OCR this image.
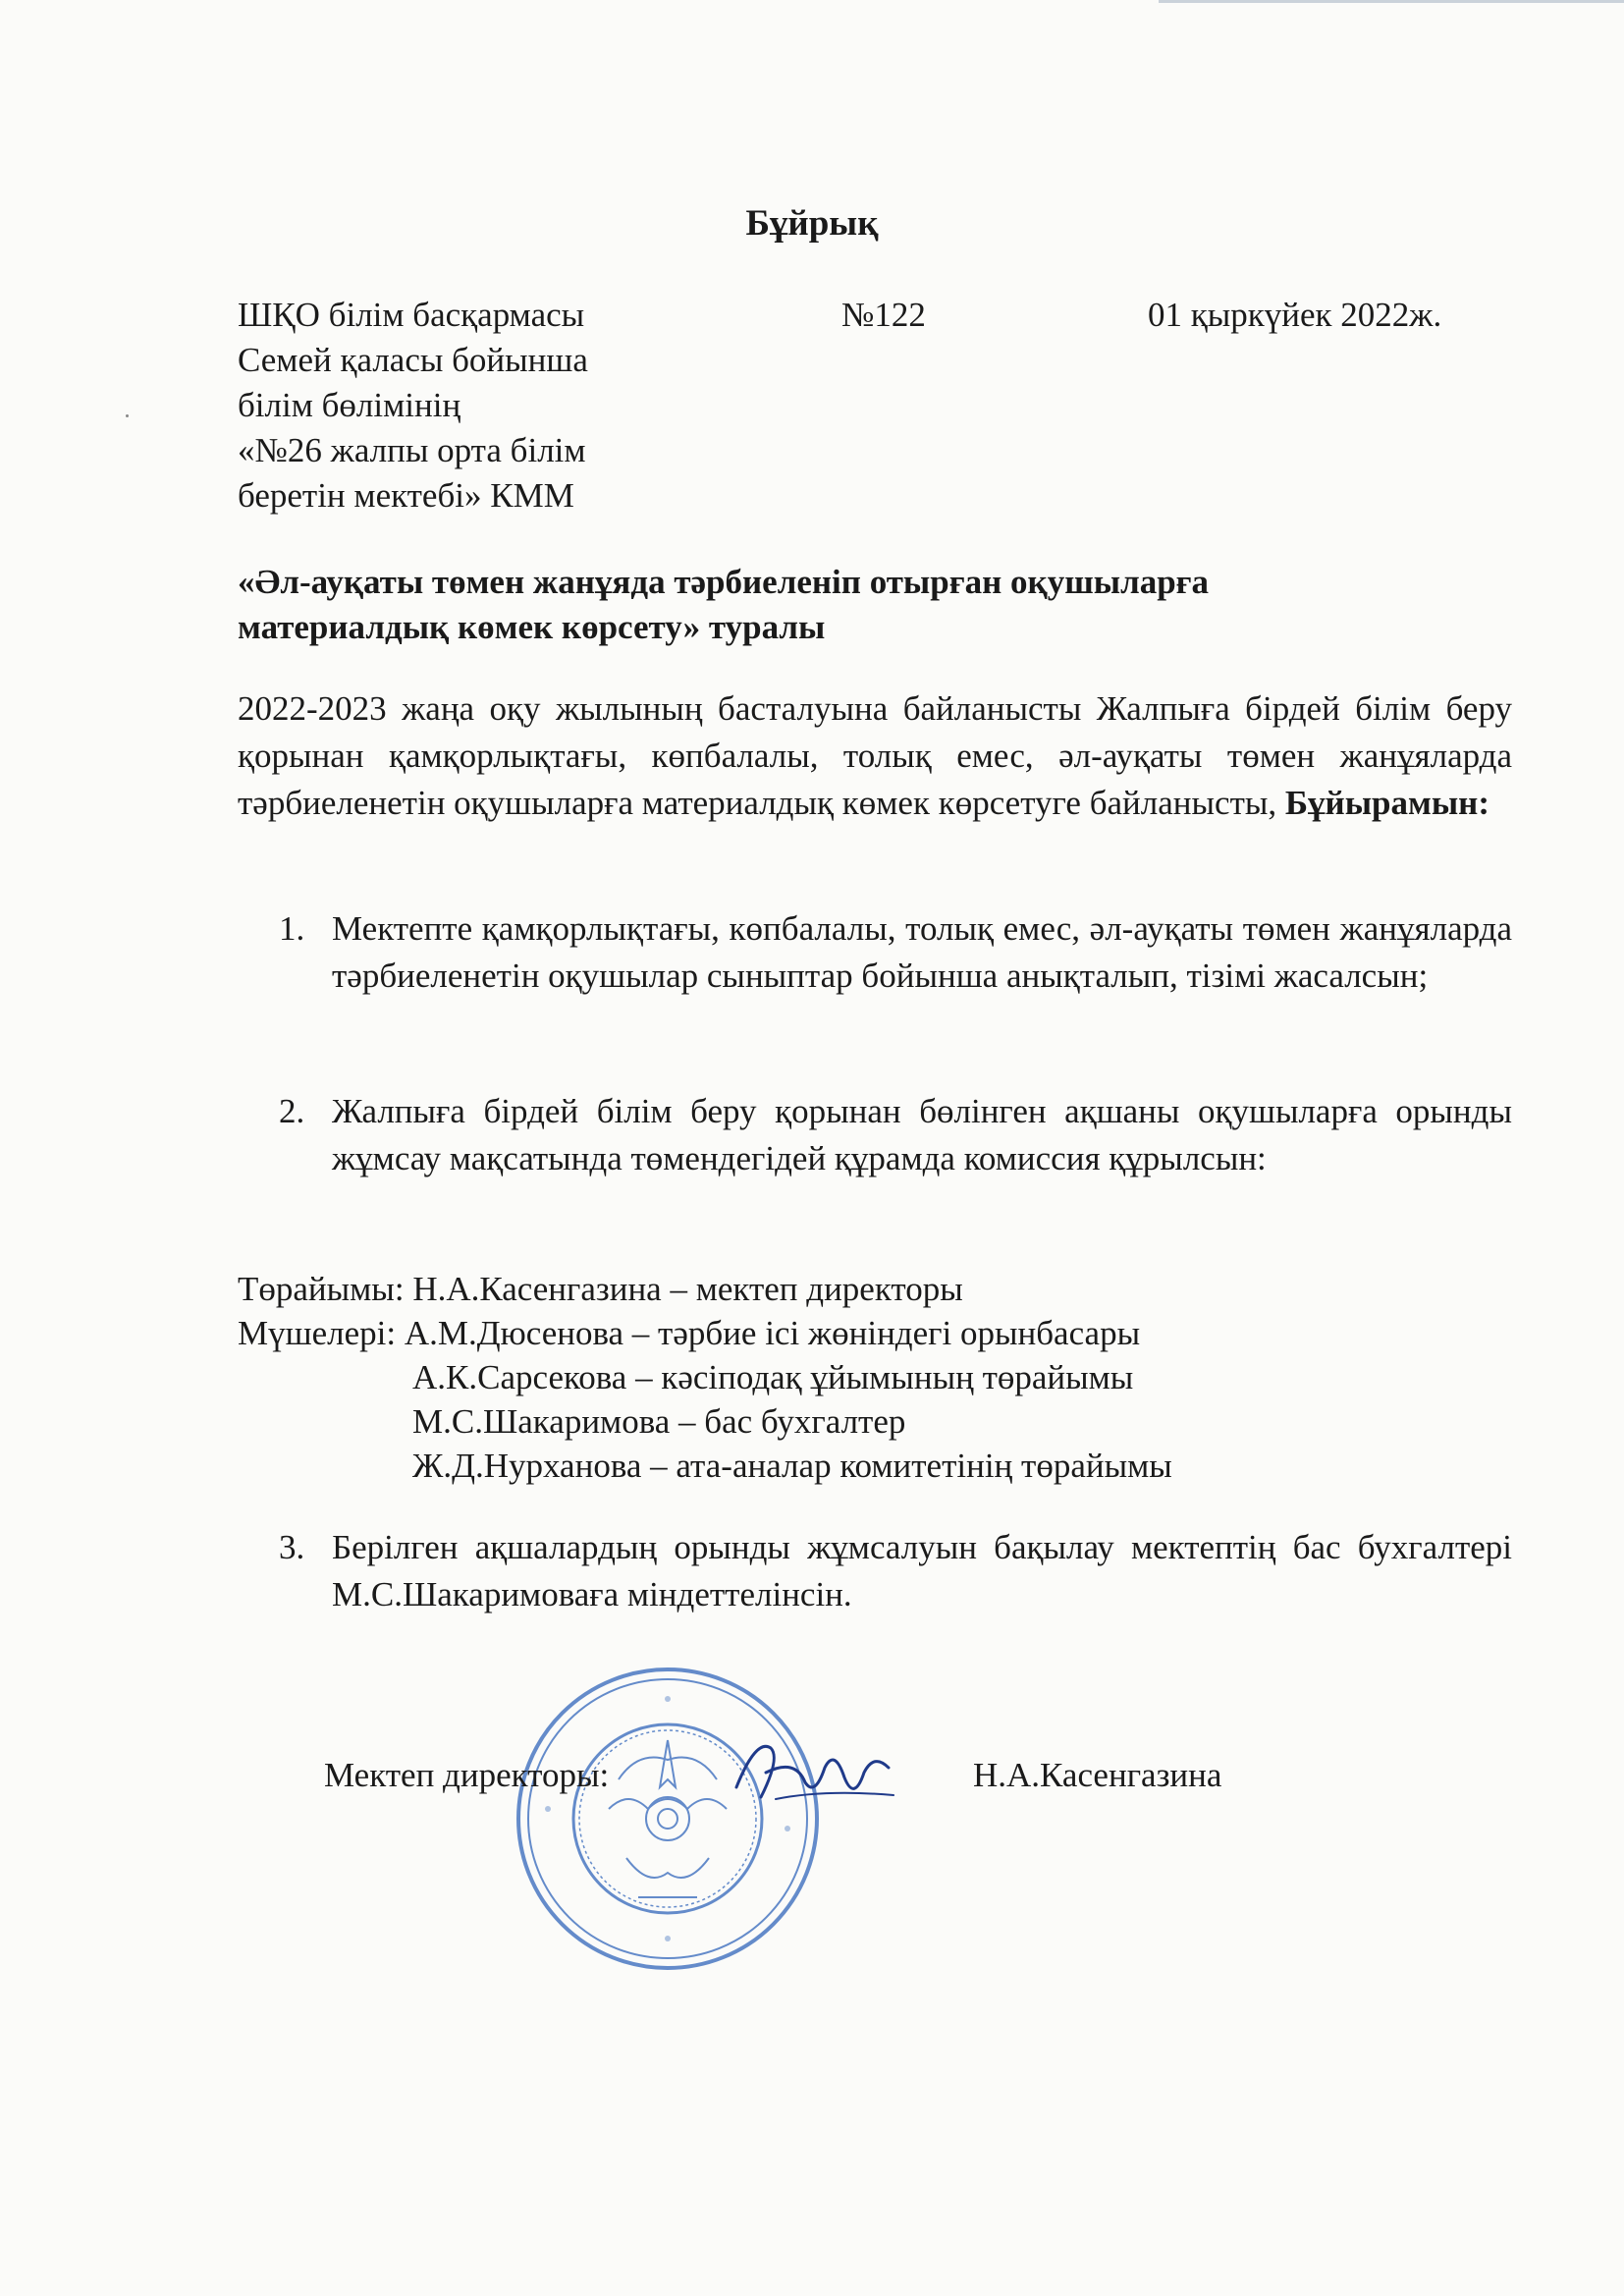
Бұйрық
ШҚО білім басқармасы
Семей қаласы бойынша
білім бөлімінің
«№26 жалпы орта білім
беретін мектебі» КММ
№122	01 қыркүйек 2022ж.
«Әл-ауқаты төмен жанұяда тәрбиеленіп отырған оқушыларға
материалдық көмек көрсету» туралы
2022-2023 жаңа оқу жылының басталуына байланысты Жалпыға бірдей білім беру қорынан қамқорлықтағы, көпбалалы, толық емес, әл-ауқаты төмен жанұяларда тәрбиеленетін оқушыларға материалдық көмек көрсетуге байланысты, Бұйырамын:
1. Мектепте қамқорлықтағы, көпбалалы, толық емес, әл-ауқаты төмен жанұяларда тәрбиеленетін оқушылар сыныптар бойынша анықталып, тізімі жасалсын;
2. Жалпыға бірдей білім беру қорынан бөлінген ақшаны оқушыларға орынды жұмсау мақсатында төмендегідей құрамда комиссия құрылсын:
Төрайымы: Н.А.Касенгазина – мектеп директоры
Мүшелері: А.М.Дюсенова – тәрбие ісі жөніндегі орынбасары
А.К.Сарсекова – кәсіподақ ұйымының төрайымы
М.С.Шакаримова – бас бухгалтер
Ж.Д.Нурханова – ата-аналар комитетінің төрайымы
3. Берілген ақшалардың орынды жұмсалуын бақылау мектептің бас бухгалтері М.С.Шакаримоваға міндеттелінсін.
Мектеп директоры:	Н.А.Касенгазина
